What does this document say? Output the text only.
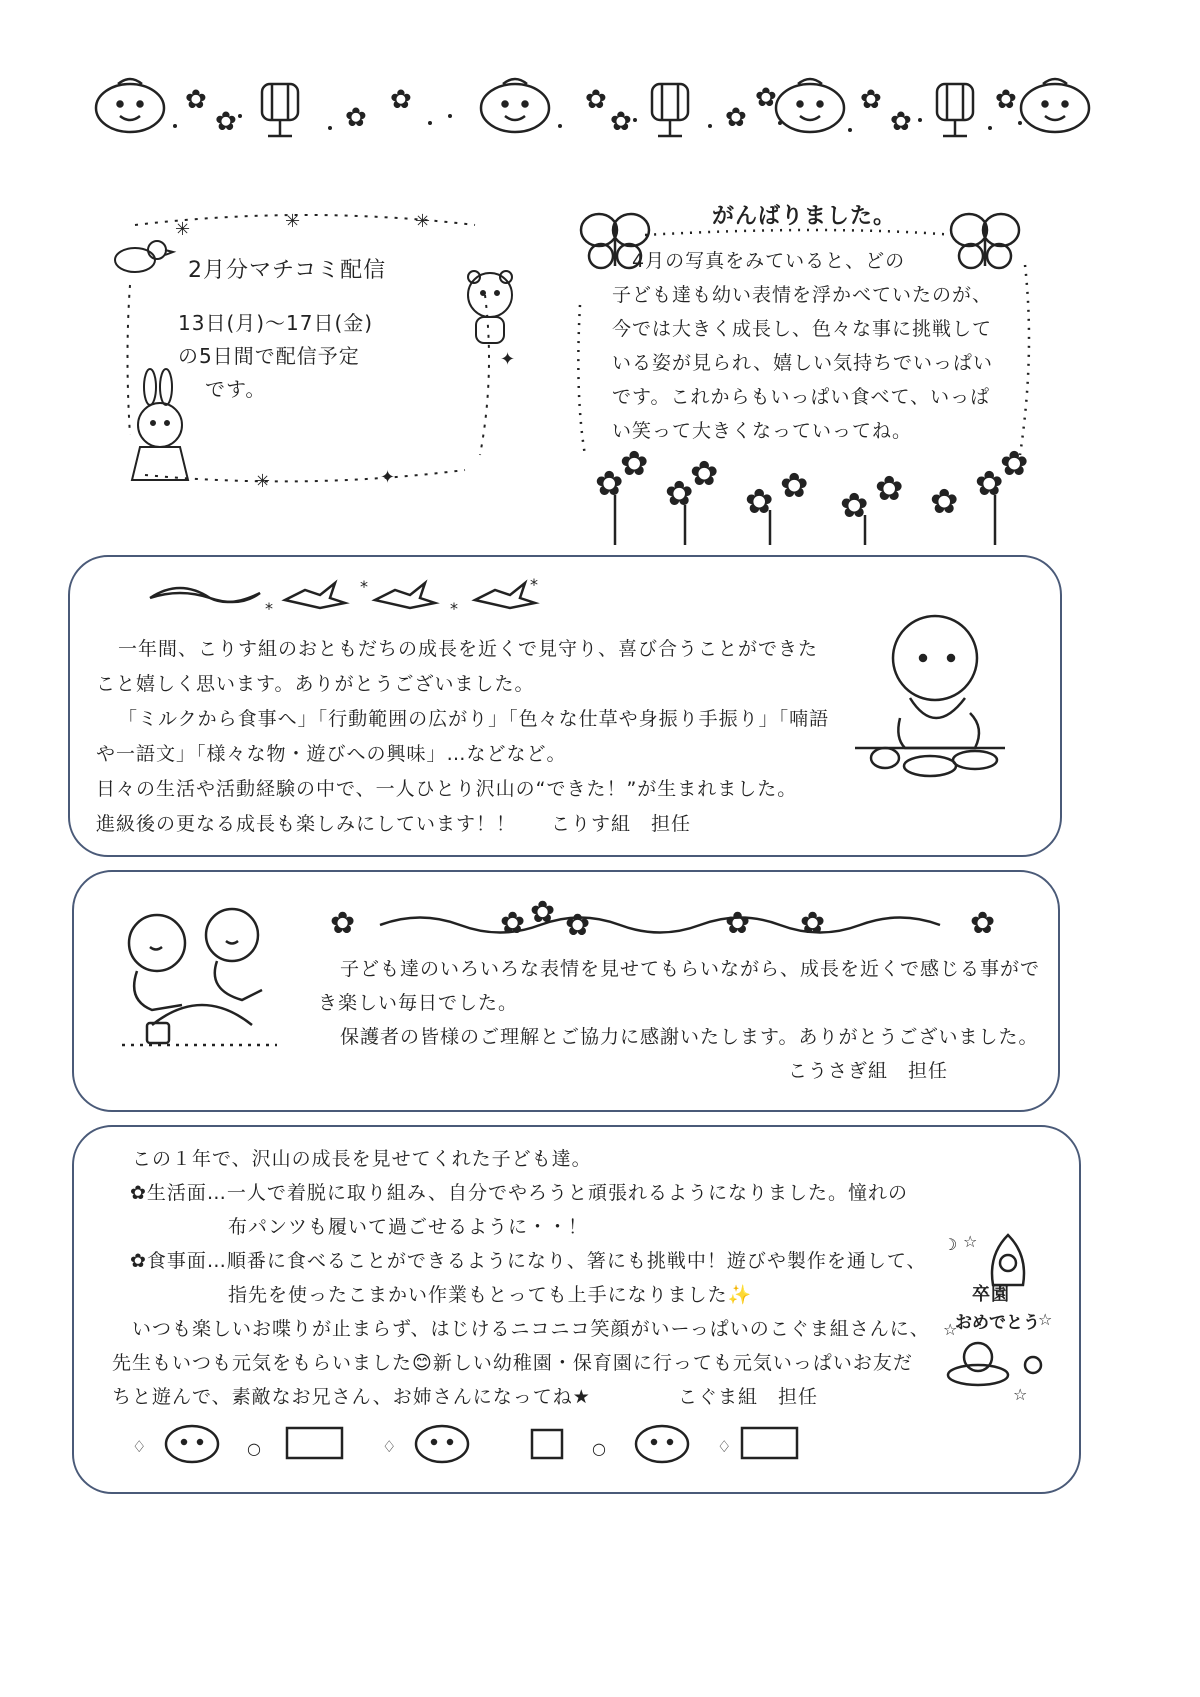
✿
✿	✿
✿	✿
✿	✿
✿	✿
✿
✿
✳	✳	✳
✳	✦
✦
2月分マチコミ配信
13日(月)～17日(金)
の5日間で配信予定
です。
✿
✿
✿
✿
✿ ✿ ✿ ✿ ✿ ✿
✿
がんばりました。
　4月の写真をみていると、どの
子ども達も幼い表情を浮かべていたのが、
今では大きく成長し、色々な事に挑戦して
いる姿が見られ、嬉しい気持ちでいっぱい
です。これからもいっぱい食べて、いっぱ
い笑って大きくなっていってね。
*
*
*
*
一年間、こりす組のおともだちの成長を近くで見守り、喜び合うことができた
こと嬉しく思います。ありがとうございました。
「ミルクから食事へ」「行動範囲の広がり」「色々な仕草や身振り手振り」「喃語
や一語文」「様々な物・遊びへの興味」…などなど。
日々の生活や活動経験の中で、一人ひとり沢山の“できた！”が生まれました。
進級後の更なる成長も楽しみにしています！！ こりす組　担任
✿	✿ ✿ ✿	✿ ✿	✿
子ども達のいろいろな表情を見せてもらいながら、成長を近くで感じる事がで
き楽しい毎日でした。
保護者の皆様のご理解とご協力に感謝いたします。ありがとうございました。
こうさぎ組　担任
この１年で、沢山の成長を見せてくれた子ども達。
✿生活面…一人で着脱に取り組み、自分でやろうと頑張れるようになりました。憧れの
布パンツも履いて過ごせるように・・！
✿食事面…順番に食べることができるようになり、箸にも挑戦中！遊びや製作を通して、
指先を使ったこまかい作業もとっても上手になりました✨
いつも楽しいお喋りが止まらず、はじけるニコニコ笑顔がいーっぱいのこぐま組さんに、
先生もいつも元気をもらいました😊新しい幼稚園・保育園に行っても元気いっぱいお友だ
ちと遊んで、素敵なお兄さん、お姉さんになってね★	こぐま組　担任
☽ ☆
☆
☆
☆
卒園
おめでとう
♢	○	♢	○	♢
